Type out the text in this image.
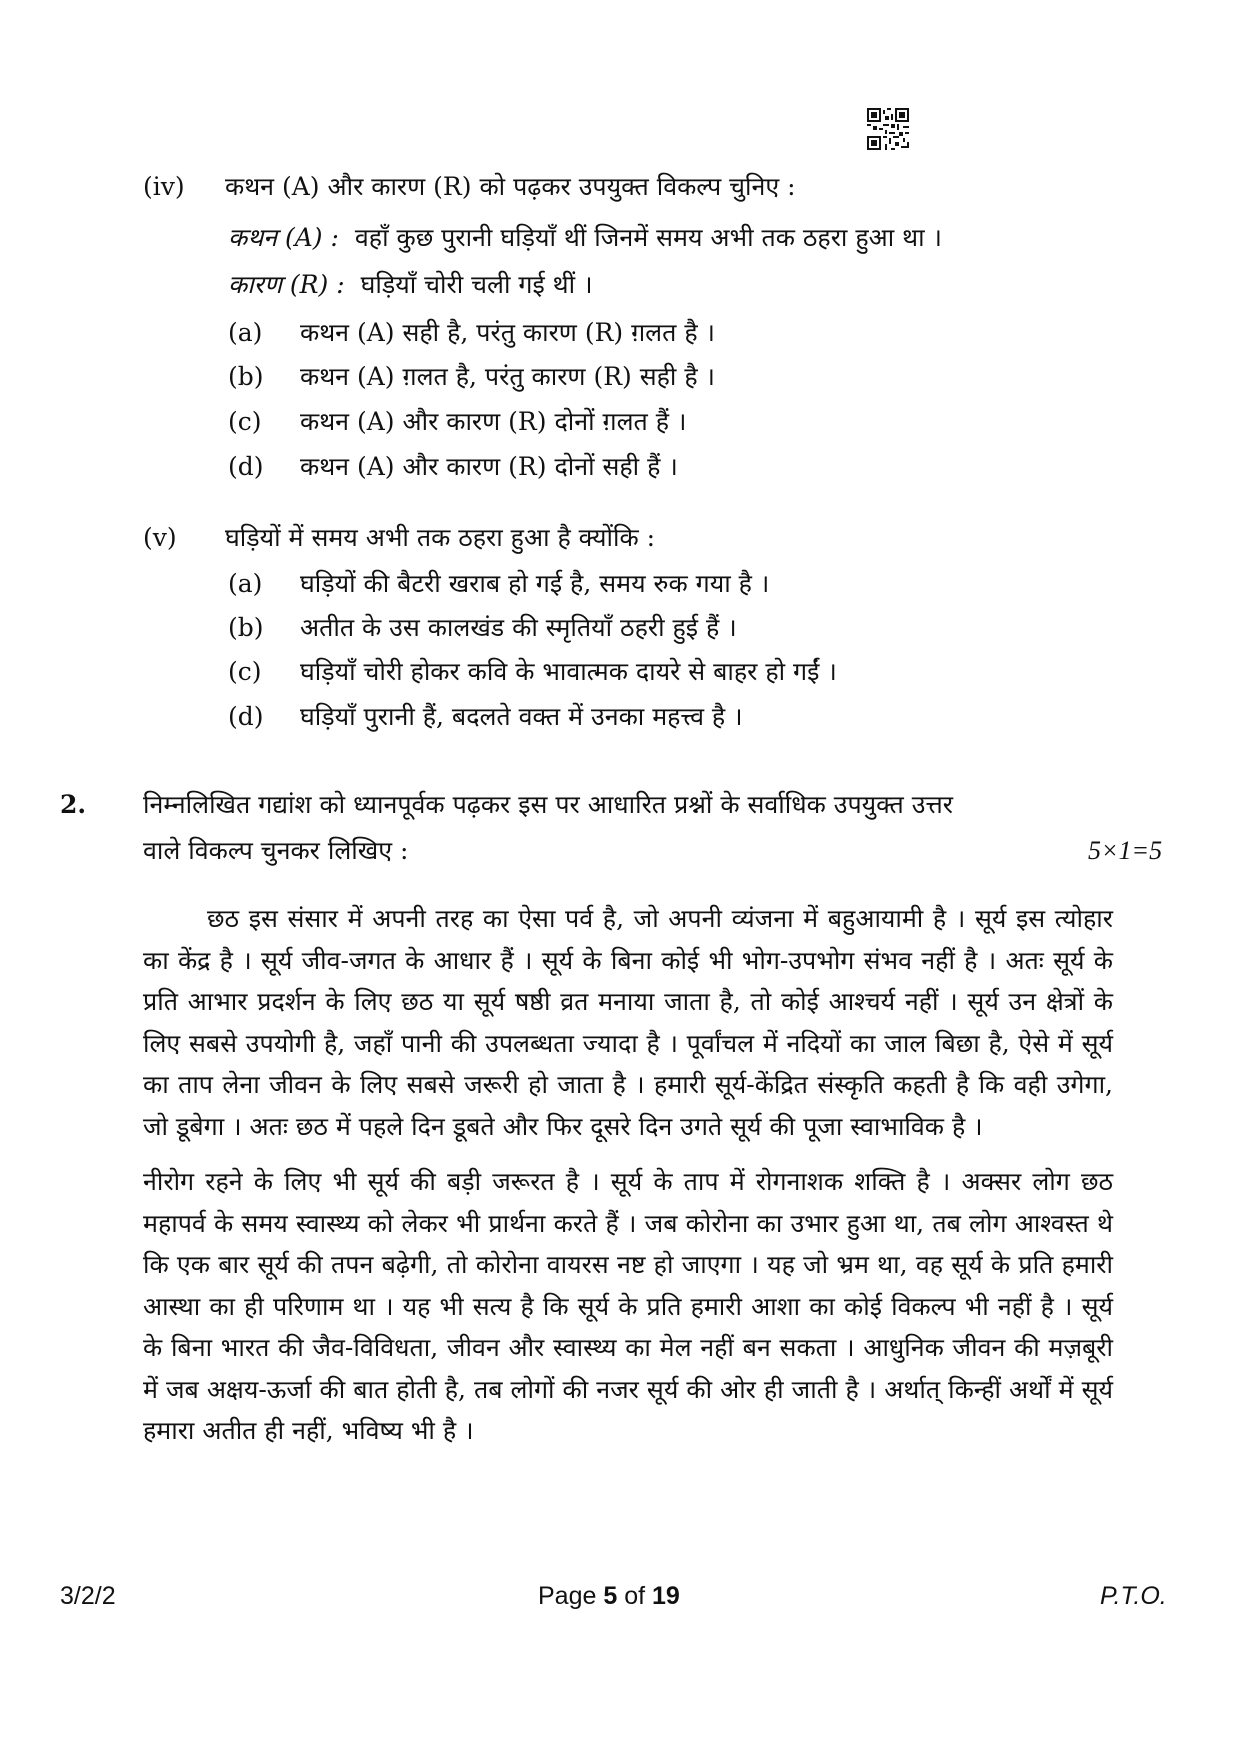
(iv) कथन (A) और कारण (R) को पढ़कर उपयुक्त विकल्प चुनिए :
कथन (A) : वहाँ कुछ पुरानी घड़ियाँ थीं जिनमें समय अभी तक ठहरा हुआ था ।
कारण (R) : घड़ियाँ चोरी चली गई थीं ।
(a) कथन (A) सही है, परंतु कारण (R) ग़लत है ।
(b) कथन (A) ग़लत है, परंतु कारण (R) सही है ।
(c) कथन (A) और कारण (R) दोनों ग़लत हैं ।
(d) कथन (A) और कारण (R) दोनों सही हैं ।
(v) घड़ियों में समय अभी तक ठहरा हुआ है क्योंकि :
(a) घड़ियों की बैटरी खराब हो गई है, समय रुक गया है ।
(b) अतीत के उस कालखंड की स्मृतियाँ ठहरी हुई हैं ।
(c) घड़ियाँ चोरी होकर कवि के भावात्मक दायरे से बाहर हो गईं ।
(d) घड़ियाँ पुरानी हैं, बदलते वक्त में उनका महत्त्व है ।
2. निम्नलिखित गद्यांश को ध्यानपूर्वक पढ़कर इस पर आधारित प्रश्नों के सर्वाधिक उपयुक्त उत्तर
वाले विकल्प चुनकर लिखिए :	5×1=5

छठ इस संसार में अपनी तरह का ऐसा पर्व है, जो अपनी व्यंजना में बहुआयामी है । सूर्य इस त्योहार का केंद्र है । सूर्य जीव-जगत के आधार हैं । सूर्य के बिना कोई भी भोग-उपभोग संभव नहीं है । अतः सूर्य के प्रति आभार प्रदर्शन के लिए छठ या सूर्य षष्ठी व्रत मनाया जाता है, तो कोई आश्चर्य नहीं । सूर्य उन क्षेत्रों के लिए सबसे उपयोगी है, जहाँ पानी की उपलब्धता ज्यादा है । पूर्वांचल में नदियों का जाल बिछा है, ऐसे में सूर्य का ताप लेना जीवन के लिए सबसे जरूरी हो जाता है । हमारी सूर्य-केंद्रित संस्कृति कहती है कि वही उगेगा, जो डूबेगा । अतः छठ में पहले दिन डूबते और फिर दूसरे दिन उगते सूर्य की पूजा स्वाभाविक है ।

नीरोग रहने के लिए भी सूर्य की बड़ी जरूरत है । सूर्य के ताप में रोगनाशक शक्ति है । अक्सर लोग छठ महापर्व के समय स्वास्थ्य को लेकर भी प्रार्थना करते हैं । जब कोरोना का उभार हुआ था, तब लोग आश्वस्त थे कि एक बार सूर्य की तपन बढ़ेगी, तो कोरोना वायरस नष्ट हो जाएगा । यह जो भ्रम था, वह सूर्य के प्रति हमारी आस्था का ही परिणाम था । यह भी सत्य है कि सूर्य के प्रति हमारी आशा का कोई विकल्प भी नहीं है । सूर्य के बिना भारत की जैव-विविधता, जीवन और स्वास्थ्य का मेल नहीं बन सकता । आधुनिक जीवन की मज़बूरी में जब अक्षय-ऊर्जा की बात होती है, तब लोगों की नजर सूर्य की ओर ही जाती है । अर्थात् किन्हीं अर्थों में सूर्य हमारा अतीत ही नहीं, भविष्य भी है ।

3/2/2	Page 5 of 19	P.T.O.
